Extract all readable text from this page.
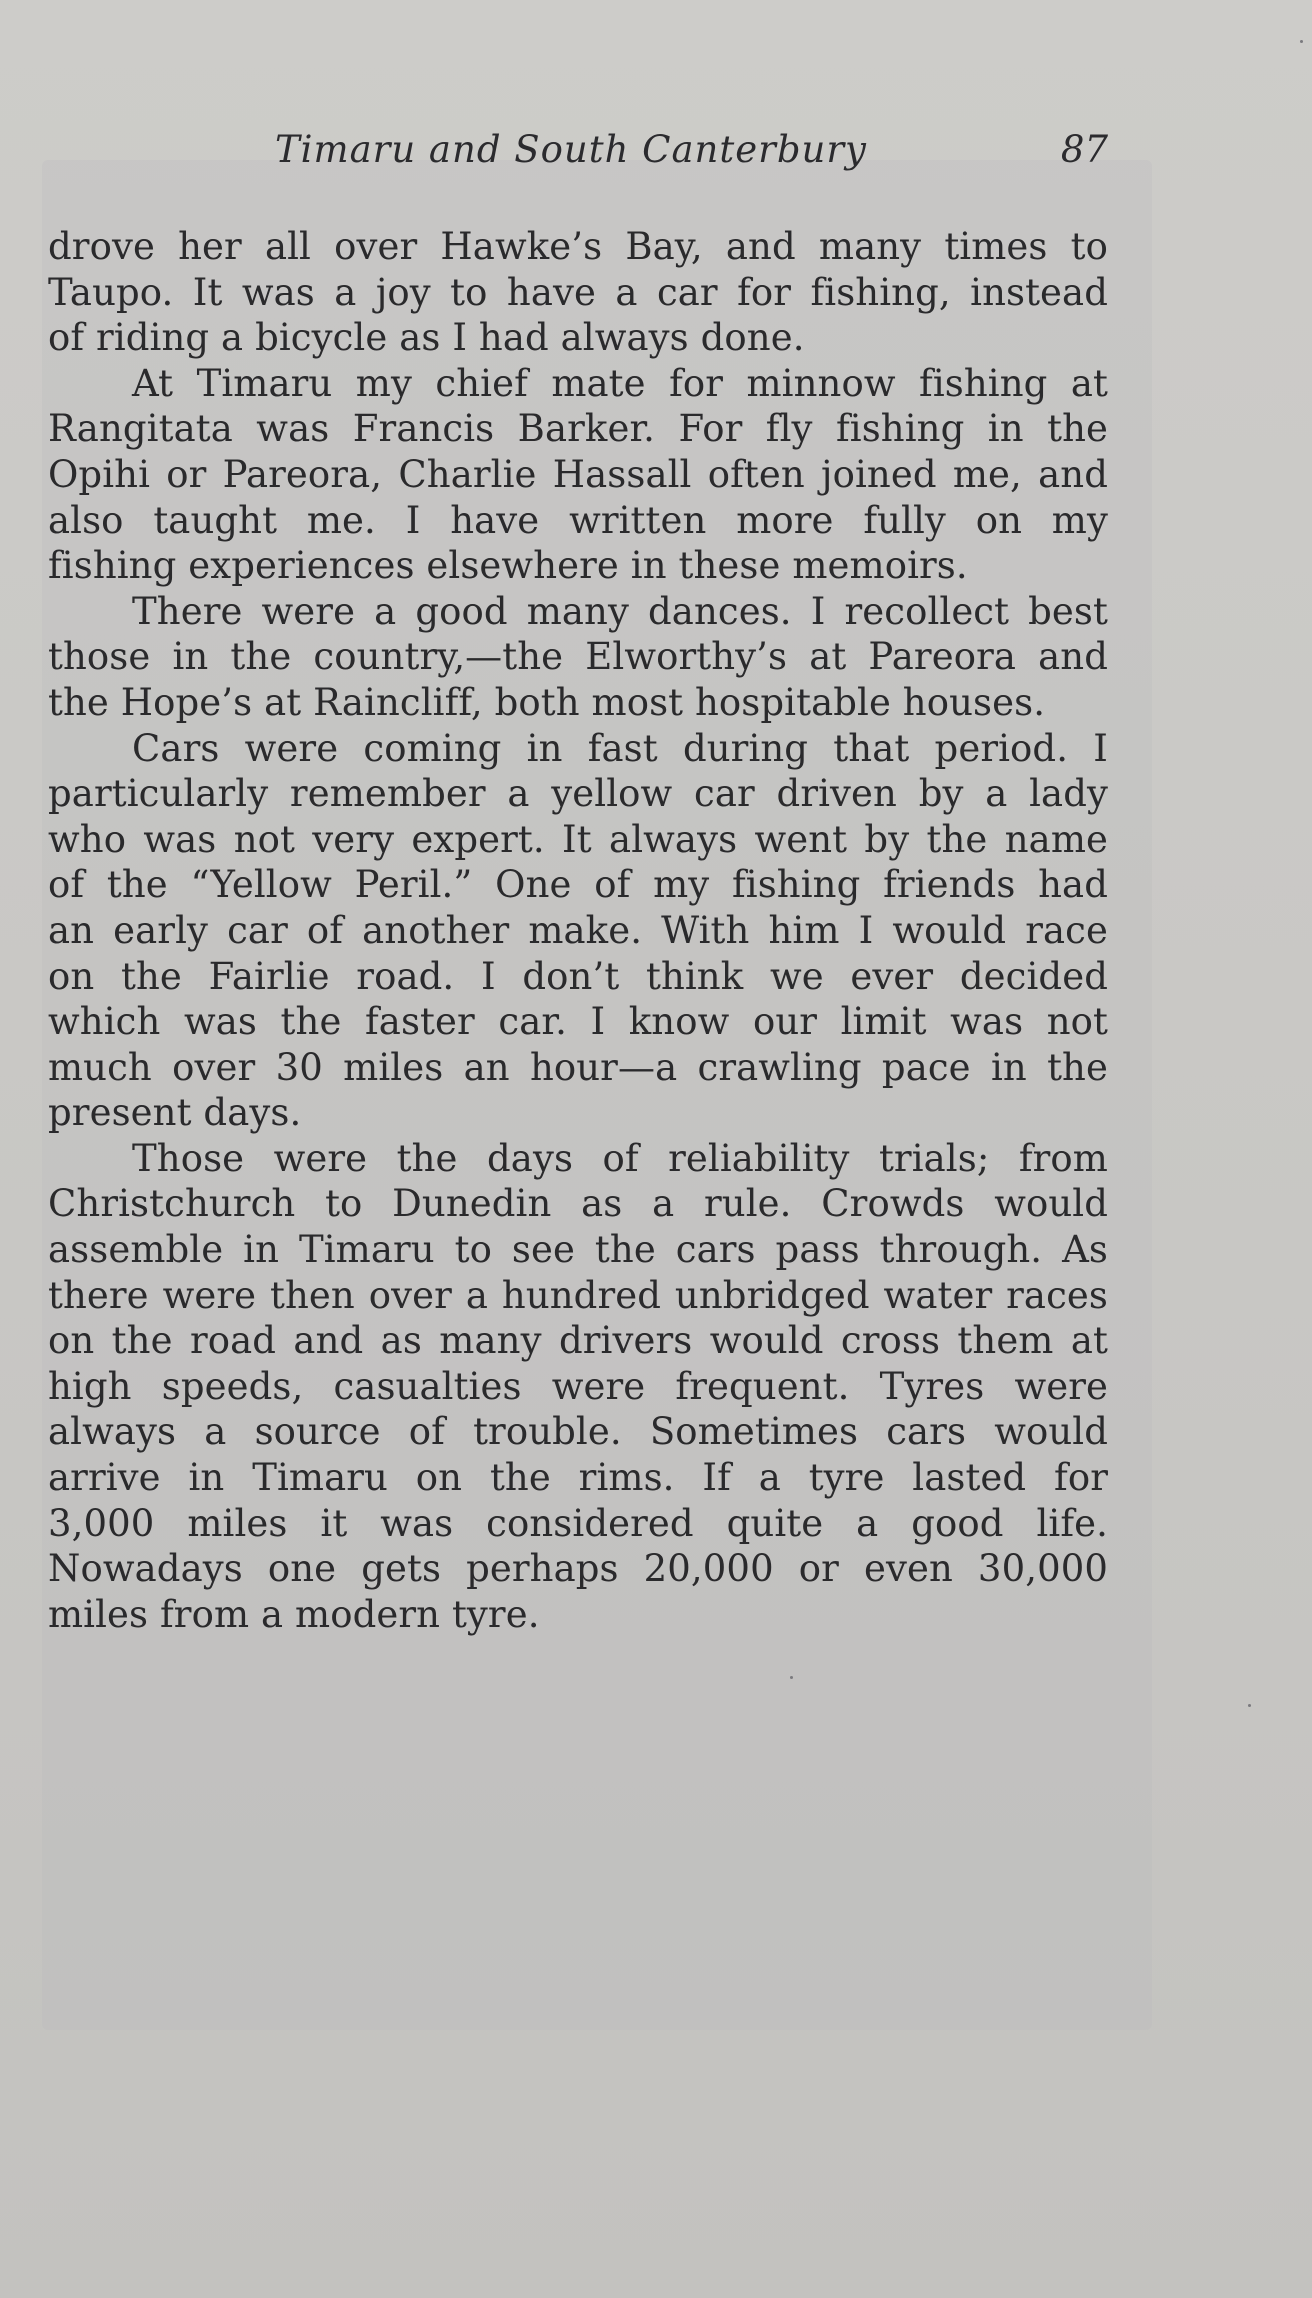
Timaru and South Canterbury	87
drove her all over Hawke’s Bay, and many times to
Taupo. It was a joy to have a car for fishing, instead
of riding a bicycle as I had always done.
At Timaru my chief mate for minnow fishing at
Rangitata was Francis Barker. For fly fishing in the
Opihi or Pareora, Charlie Hassall often joined me, and
also taught me. I have written more fully on my
fishing experiences elsewhere in these memoirs.
There were a good many dances. I recollect best
those in the country,—the Elworthy’s at Pareora and
the Hope’s at Raincliff, both most hospitable houses.
Cars were coming in fast during that period. I
particularly remember a yellow car driven by a lady
who was not very expert. It always went by the name
of the “Yellow Peril.” One of my fishing friends had
an early car of another make. With him I would race
on the Fairlie road. I don’t think we ever decided
which was the faster car. I know our limit was not
much over 30 miles an hour—a crawling pace in the
present days.
Those were the days of reliability trials; from
Christchurch to Dunedin as a rule. Crowds would
assemble in Timaru to see the cars pass through. As
there were then over a hundred unbridged water races
on the road and as many drivers would cross them at
high speeds, casualties were frequent. Tyres were
always a source of trouble. Sometimes cars would
arrive in Timaru on the rims. If a tyre lasted for
3,000 miles it was considered quite a good life.
Nowadays one gets perhaps 20,000 or even 30,000
miles from a modern tyre.
